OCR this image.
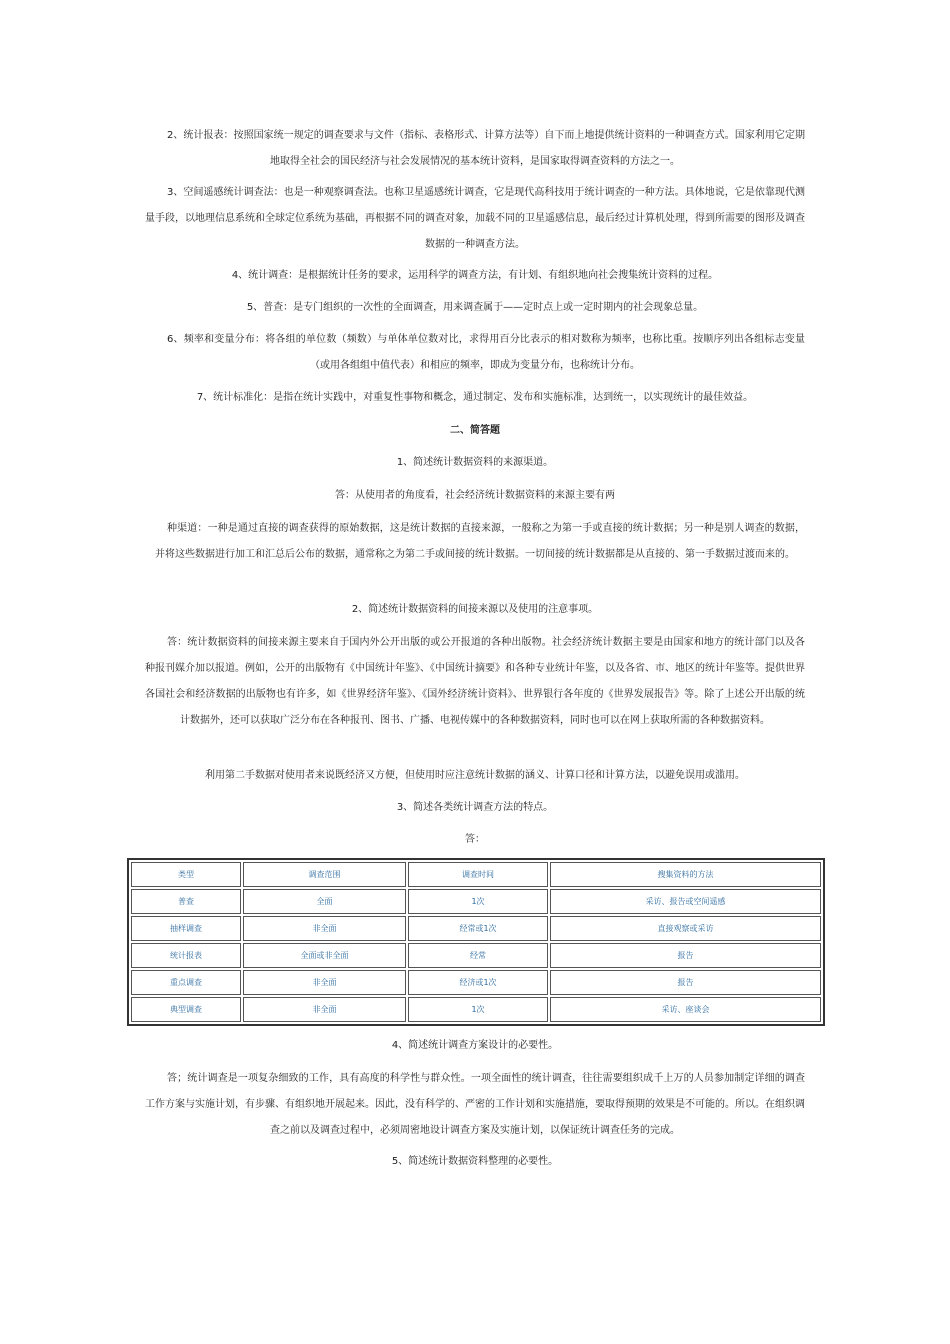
2、统计报表：按照国家统一规定的调查要求与文件（指标、表格形式、计算方法等）自下而上地提供统计资料的一种调查方式。国家利用它定期地取得全社会的国民经济与社会发展情况的基本统计资料，是国家取得调查资料的方法之一。

3、空间遥感统计调查法：也是一种观察调查法。也称卫星遥感统计调查，它是现代高科技用于统计调查的一种方法。具体地说，它是依靠现代测量手段，以地理信息系统和全球定位系统为基础，再根据不同的调查对象，加载不同的卫星遥感信息，最后经过计算机处理，得到所需要的图形及调查数据的一种调查方法。

4、统计调查：是根据统计任务的要求，运用科学的调查方法，有计划、有组织地向社会搜集统计资料的过程。

5、普查：是专门组织的一次性的全面调查，用来调查属于——定时点上或一定时期内的社会现象总量。

6、频率和变量分布：将各组的单位数（频数）与单体单位数对比，求得用百分比表示的相对数称为频率，也称比重。按顺序列出各组标志变量（或用各组组中值代表）和相应的频率，即成为变量分布，也称统计分布。

7、统计标准化：是指在统计实践中，对重复性事物和概念，通过制定、发布和实施标准，达到统一，以实现统计的最佳效益。

二、简答题

1、简述统计数据资料的来源渠道。

答：从使用者的角度看，社会经济统计数据资料的来源主要有两

种渠道：一种是通过直接的调查获得的原始数据，这是统计数据的直接来源，一般称之为第一手或直接的统计数据；另一种是别人调查的数据，并将这些数据进行加工和汇总后公布的数据，通常称之为第二手或间接的统计数据。一切间接的统计数据都是从直接的、第一手数据过渡而来的。

2、简述统计数据资料的间接来源以及使用的注意事项。

答：统计数据资料的间接来源主要来自于国内外公开出版的或公开报道的各种出版物。社会经济统计数据主要是由国家和地方的统计部门以及各种报刊媒介加以报道。例如，公开的出版物有《中国统计年鉴》、《中国统计摘要》和各种专业统计年鉴，以及各省、市、地区的统计年鉴等。提供世界各国社会和经济数据的出版物也有许多，如《世界经济年鉴》、《国外经济统计资料》、世界银行各年度的《世界发展报告》等。除了上述公开出版的统计数据外，还可以获取广泛分布在各种报刊、图书、广播、电视传媒中的各种数据资料，同时也可以在网上获取所需的各种数据资料。

利用第二手数据对使用者来说既经济又方便，但使用时应注意统计数据的涵义、计算口径和计算方法，以避免误用或滥用。

3、简述各类统计调查方法的特点。

答：

类型	调查范围	调查时间	搜集资料的方法
普查	全面	1次	采访、报告或空间遥感
抽样调查	非全面	经常或1次	直接观察或采访
统计报表	全面或非全面	经常	报告
重点调查	非全面	经济或1次	报告
典型调查	非全面	1次	采访、座谈会

4、简述统计调查方案设计的必要性。

答；统计调查是一项复杂细致的工作，具有高度的科学性与群众性。一项全面性的统计调查，往往需要组织成千上万的人员参加制定详细的调查工作方案与实施计划，有步骤、有组织地开展起来。因此，没有科学的、严密的工作计划和实施措施，要取得预期的效果是不可能的。所以。在组织调查之前以及调查过程中，必须周密地设计调查方案及实施计划，以保证统计调查任务的完成。

5、简述统计数据资料整理的必要性。
